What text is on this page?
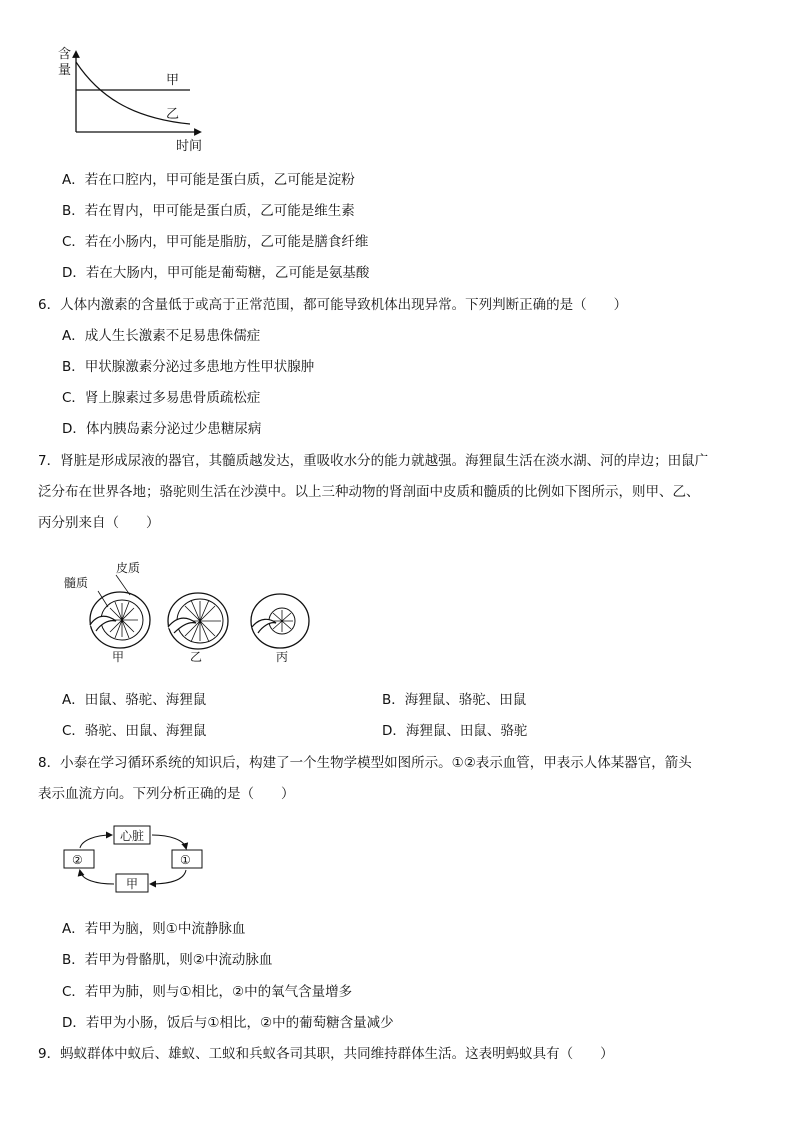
含
量
甲
乙
时间
A．若在口腔内，甲可能是蛋白质，乙可能是淀粉
B．若在胃内，甲可能是蛋白质，乙可能是维生素
C．若在小肠内，甲可能是脂肪，乙可能是膳食纤维
D．若在大肠内，甲可能是葡萄糖，乙可能是氨基酸
6．人体内激素的含量低于或高于正常范围，都可能导致机体出现异常。下列判断正确的是（　　）
A．成人生长激素不足易患侏儒症
B．甲状腺激素分泌过多患地方性甲状腺肿
C．肾上腺素过多易患骨质疏松症
D．体内胰岛素分泌过少患糖尿病
7．肾脏是形成尿液的器官，其髓质越发达，重吸收水分的能力就越强。海狸鼠生活在淡水湖、河的岸边；田鼠广
泛分布在世界各地；骆驼则生活在沙漠中。以上三种动物的肾剖面中皮质和髓质的比例如下图所示，则甲、乙、
丙分别来自（　　）
皮质
髓质
甲	乙	丙
A．田鼠、骆驼、海狸鼠	B．海狸鼠、骆驼、田鼠
C．骆驼、田鼠、海狸鼠	D．海狸鼠、田鼠、骆驼
8．小泰在学习循环系统的知识后，构建了一个生物学模型如图所示。①②表示血管，甲表示人体某器官，箭头
表示血流方向。下列分析正确的是（　　）
心脏
②	①
甲
A．若甲为脑，则①中流静脉血
B．若甲为骨骼肌，则②中流动脉血
C．若甲为肺，则与①相比，②中的氧气含量增多
D．若甲为小肠，饭后与①相比，②中的葡萄糖含量减少
9．蚂蚁群体中蚁后、雄蚁、工蚁和兵蚁各司其职，共同维持群体生活。这表明蚂蚁具有（　　）
